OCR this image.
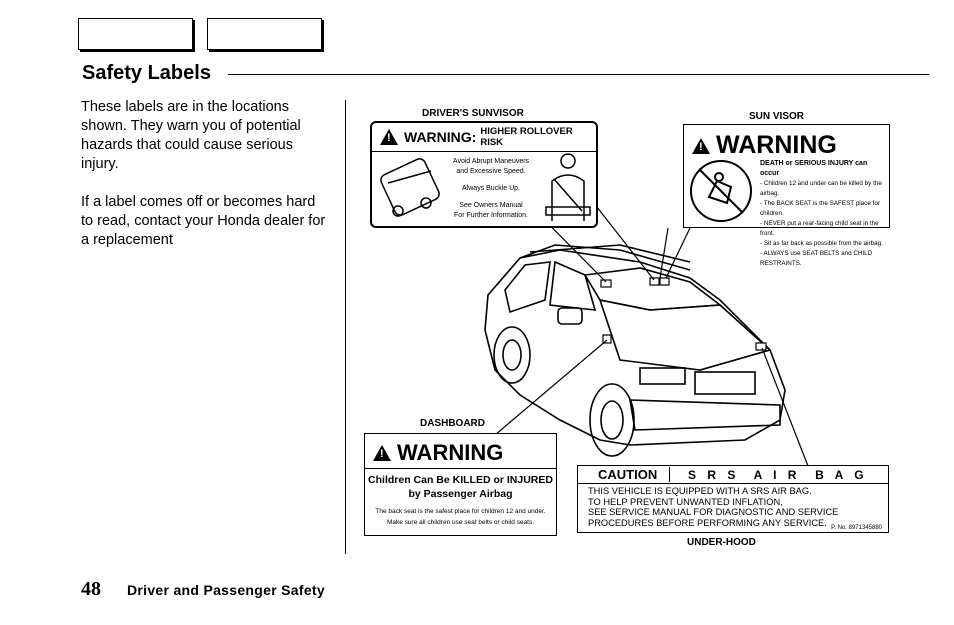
Safety Labels
These labels are in the locations shown. They warn you of potential hazards that could cause serious injury.
If a label comes off or becomes hard to read, contact your Honda dealer for a replacement
DRIVER'S SUNVISOR	SUN VISOR
DASHBOARD
UNDER-HOOD
!
WARNING: HIGHER ROLLOVER RISK
Avoid Abrupt Maneuvers
and Excessive Speed.
Always Buckle Up.
See Owners Manual
For Further Information.
!
WARNING
DEATH or SERIOUS INJURY can occur
- Children 12 and under can be killed by the airbag.
- The BACK SEAT is the SAFEST place for children.
- NEVER put a rear-facing child seat in the front.
- Sit as far back as possible from the airbag.
- ALWAYS use SEAT BELTS and CHILD RESTRAINTS.
!
WARNING
Children Can Be KILLED or INJURED
by Passenger Airbag
The back seat is the safest place for children 12 and under.
Make sure all children use seat belts or child seats.
CAUTION	S R S  A I R  B A G
THIS VEHICLE IS EQUIPPED WITH A SRS AIR BAG.
TO HELP PREVENT UNWANTED INFLATION,
SEE SERVICE MANUAL FOR DIAGNOSTIC AND SERVICE
PROCEDURES BEFORE PERFORMING ANY SERVICE.
P. No. 8971345880
48 Driver and Passenger Safety
